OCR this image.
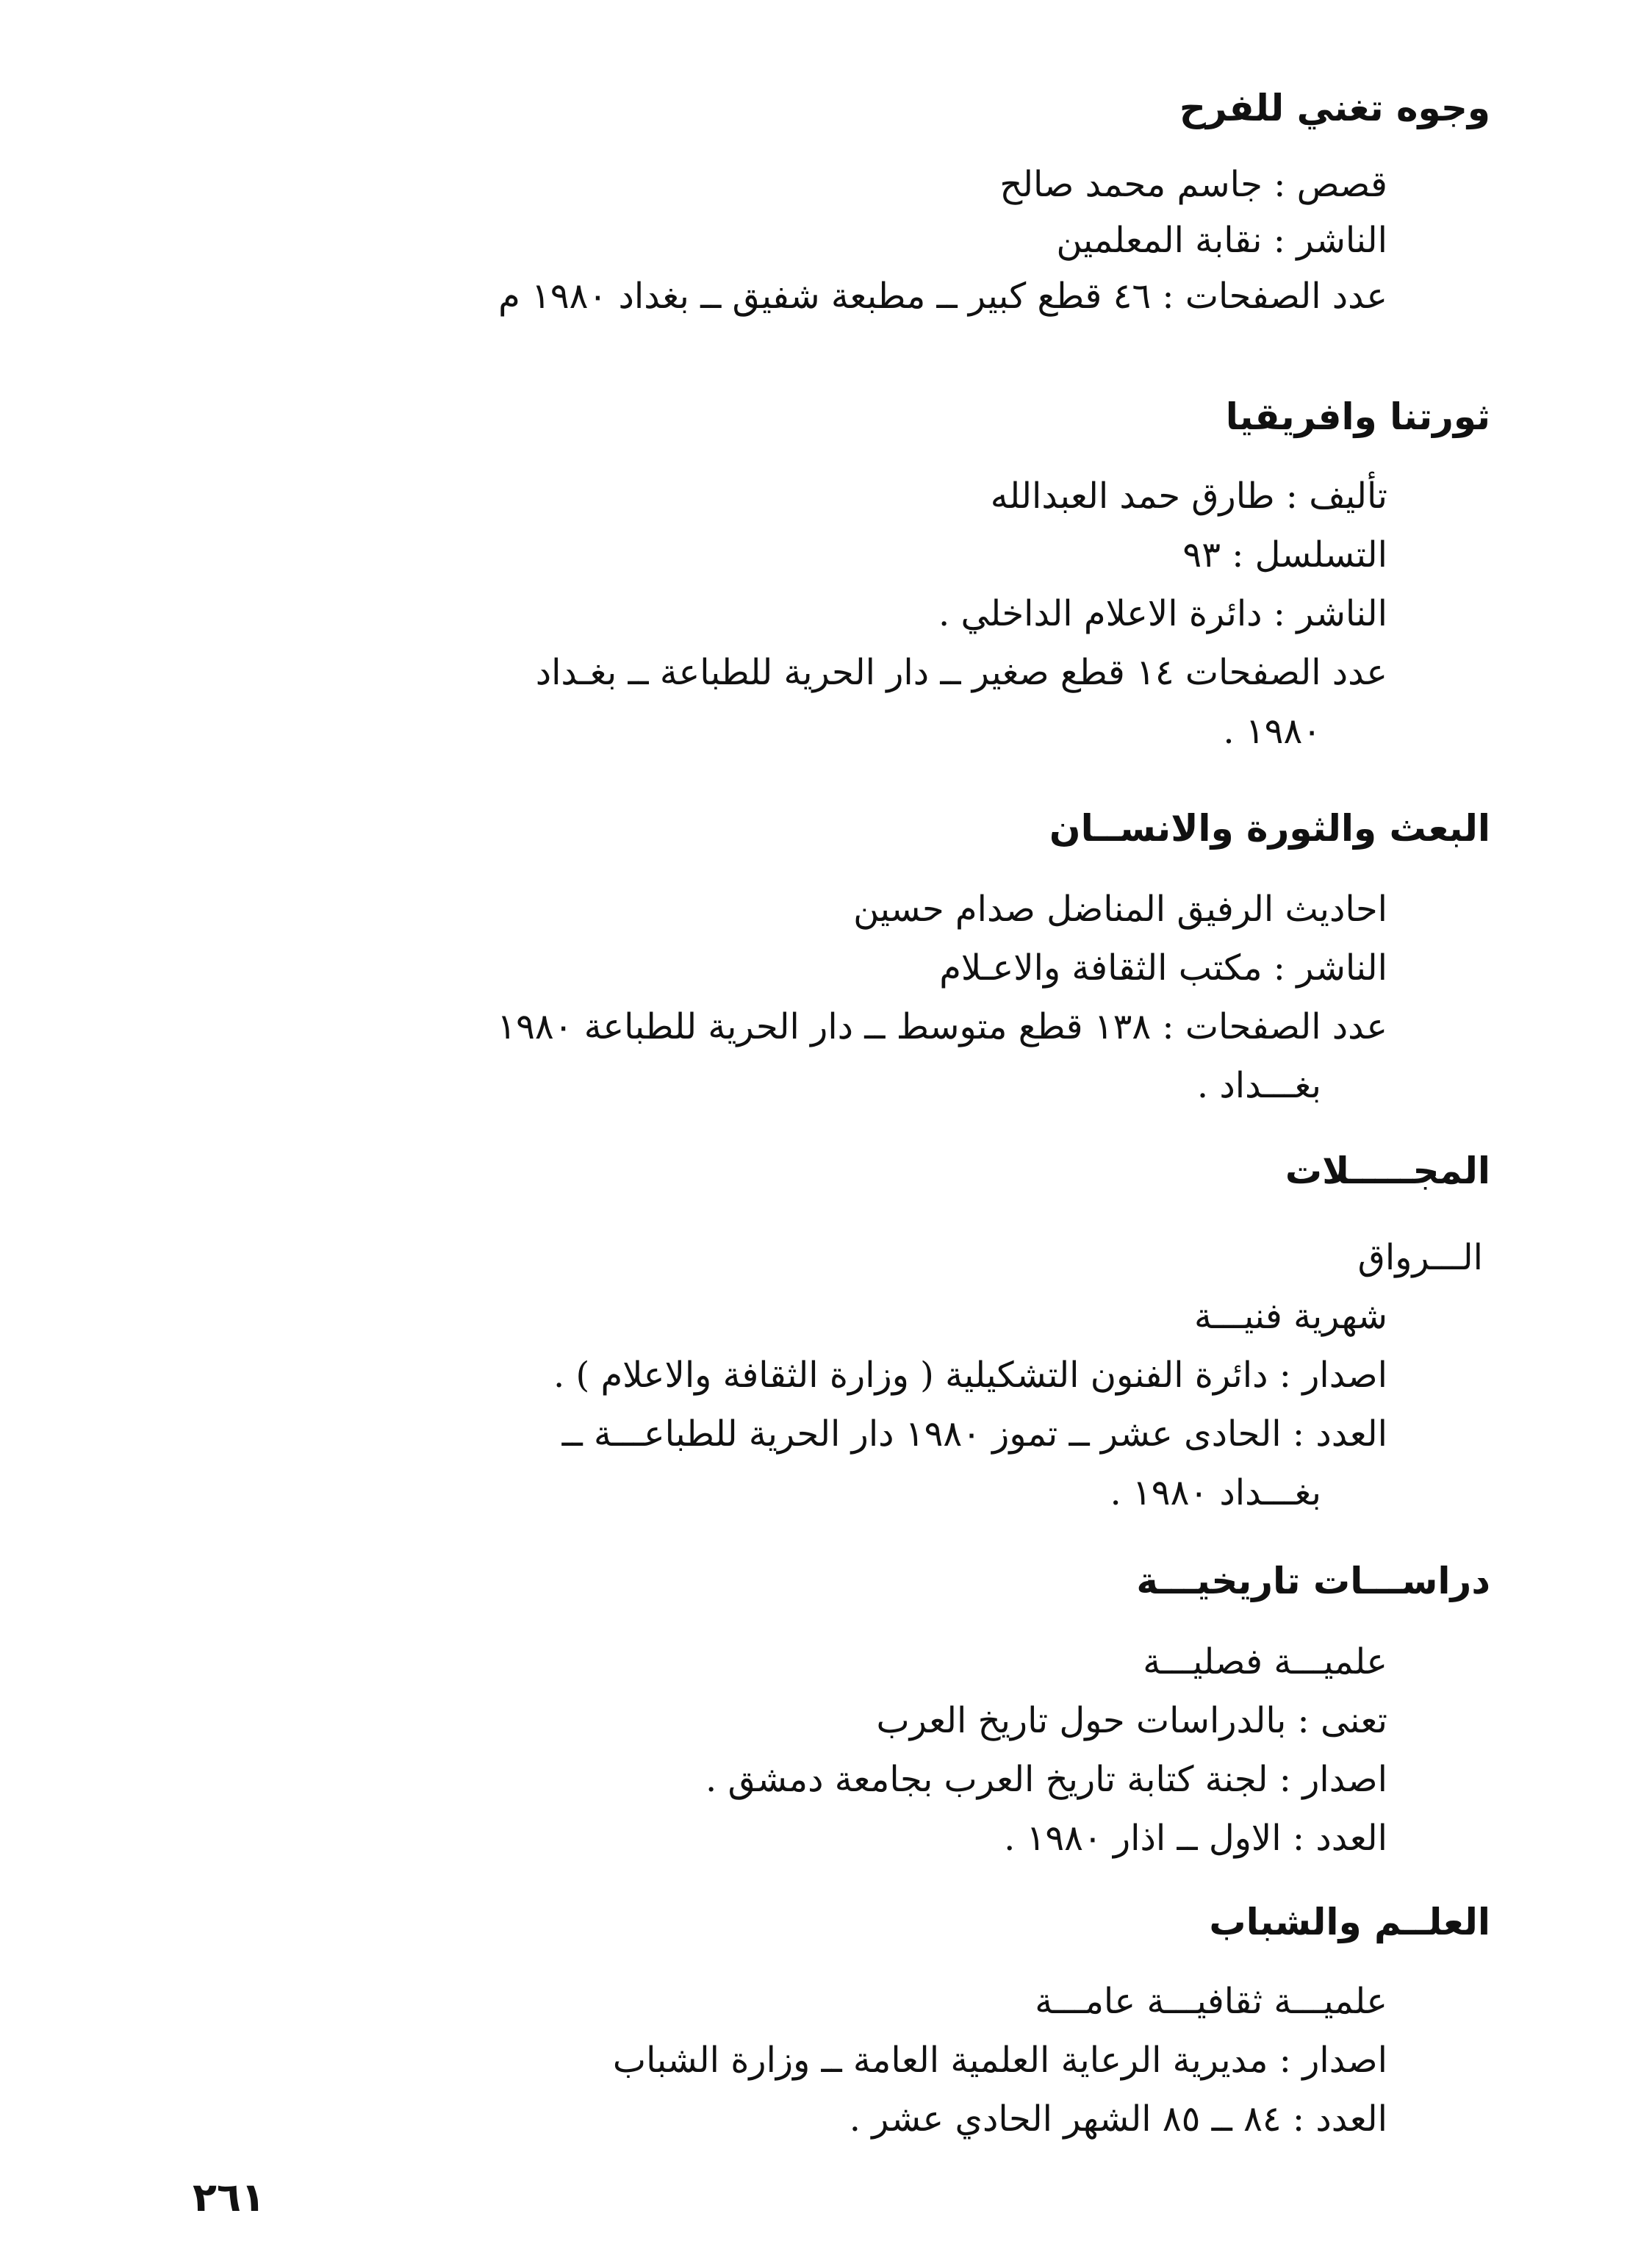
وجوه تغني للفرح
قصص : جاسم محمد صالح
الناشر : نقابة المعلمين
عدد الصفحات : ٤٦ قطع كبير ــ مطبعة شفيق ــ بغداد ١٩٨٠ م
ثورتنا وافريقيا
تأليف : طارق حمد العبدالله
التسلسل : ٩٣
الناشر : دائرة الاعلام الداخلي .
عدد الصفحات ١٤ قطع صغير ــ دار الحرية للطباعة ــ بغـداد
١٩٨٠ .
البعث والثورة والانســان
احاديث الرفيق المناضل صدام حسين
الناشر : مكتب الثقافة والاعـلام
عدد الصفحات : ١٣٨ قطع متوسط ــ دار الحرية للطباعة ١٩٨٠
بغـــداد .
المجـــــلات
الـــرواق
شهرية فنيـــة
اصدار : دائرة الفنون التشكيلية ( وزارة الثقافة والاعلام ) .
العدد : الحادى عشر ــ تموز ١٩٨٠ دار الحرية للطباعـــة ــ
بغـــداد ١٩٨٠ .
دراســـات تاريخيـــة
علميـــة فصليـــة
تعنى : بالدراسات حول تاريخ العرب
اصدار : لجنة كتابة تاريخ العرب بجامعة دمشق .
العدد : الاول ــ اذار ١٩٨٠ .
العلــم والشباب
علميـــة ثقافيـــة عامـــة
اصدار : مديرية الرعاية العلمية العامة ــ وزارة الشباب
العدد : ٨٤ ــ ٨٥ الشهر الحادي عشر .
٢٦١
